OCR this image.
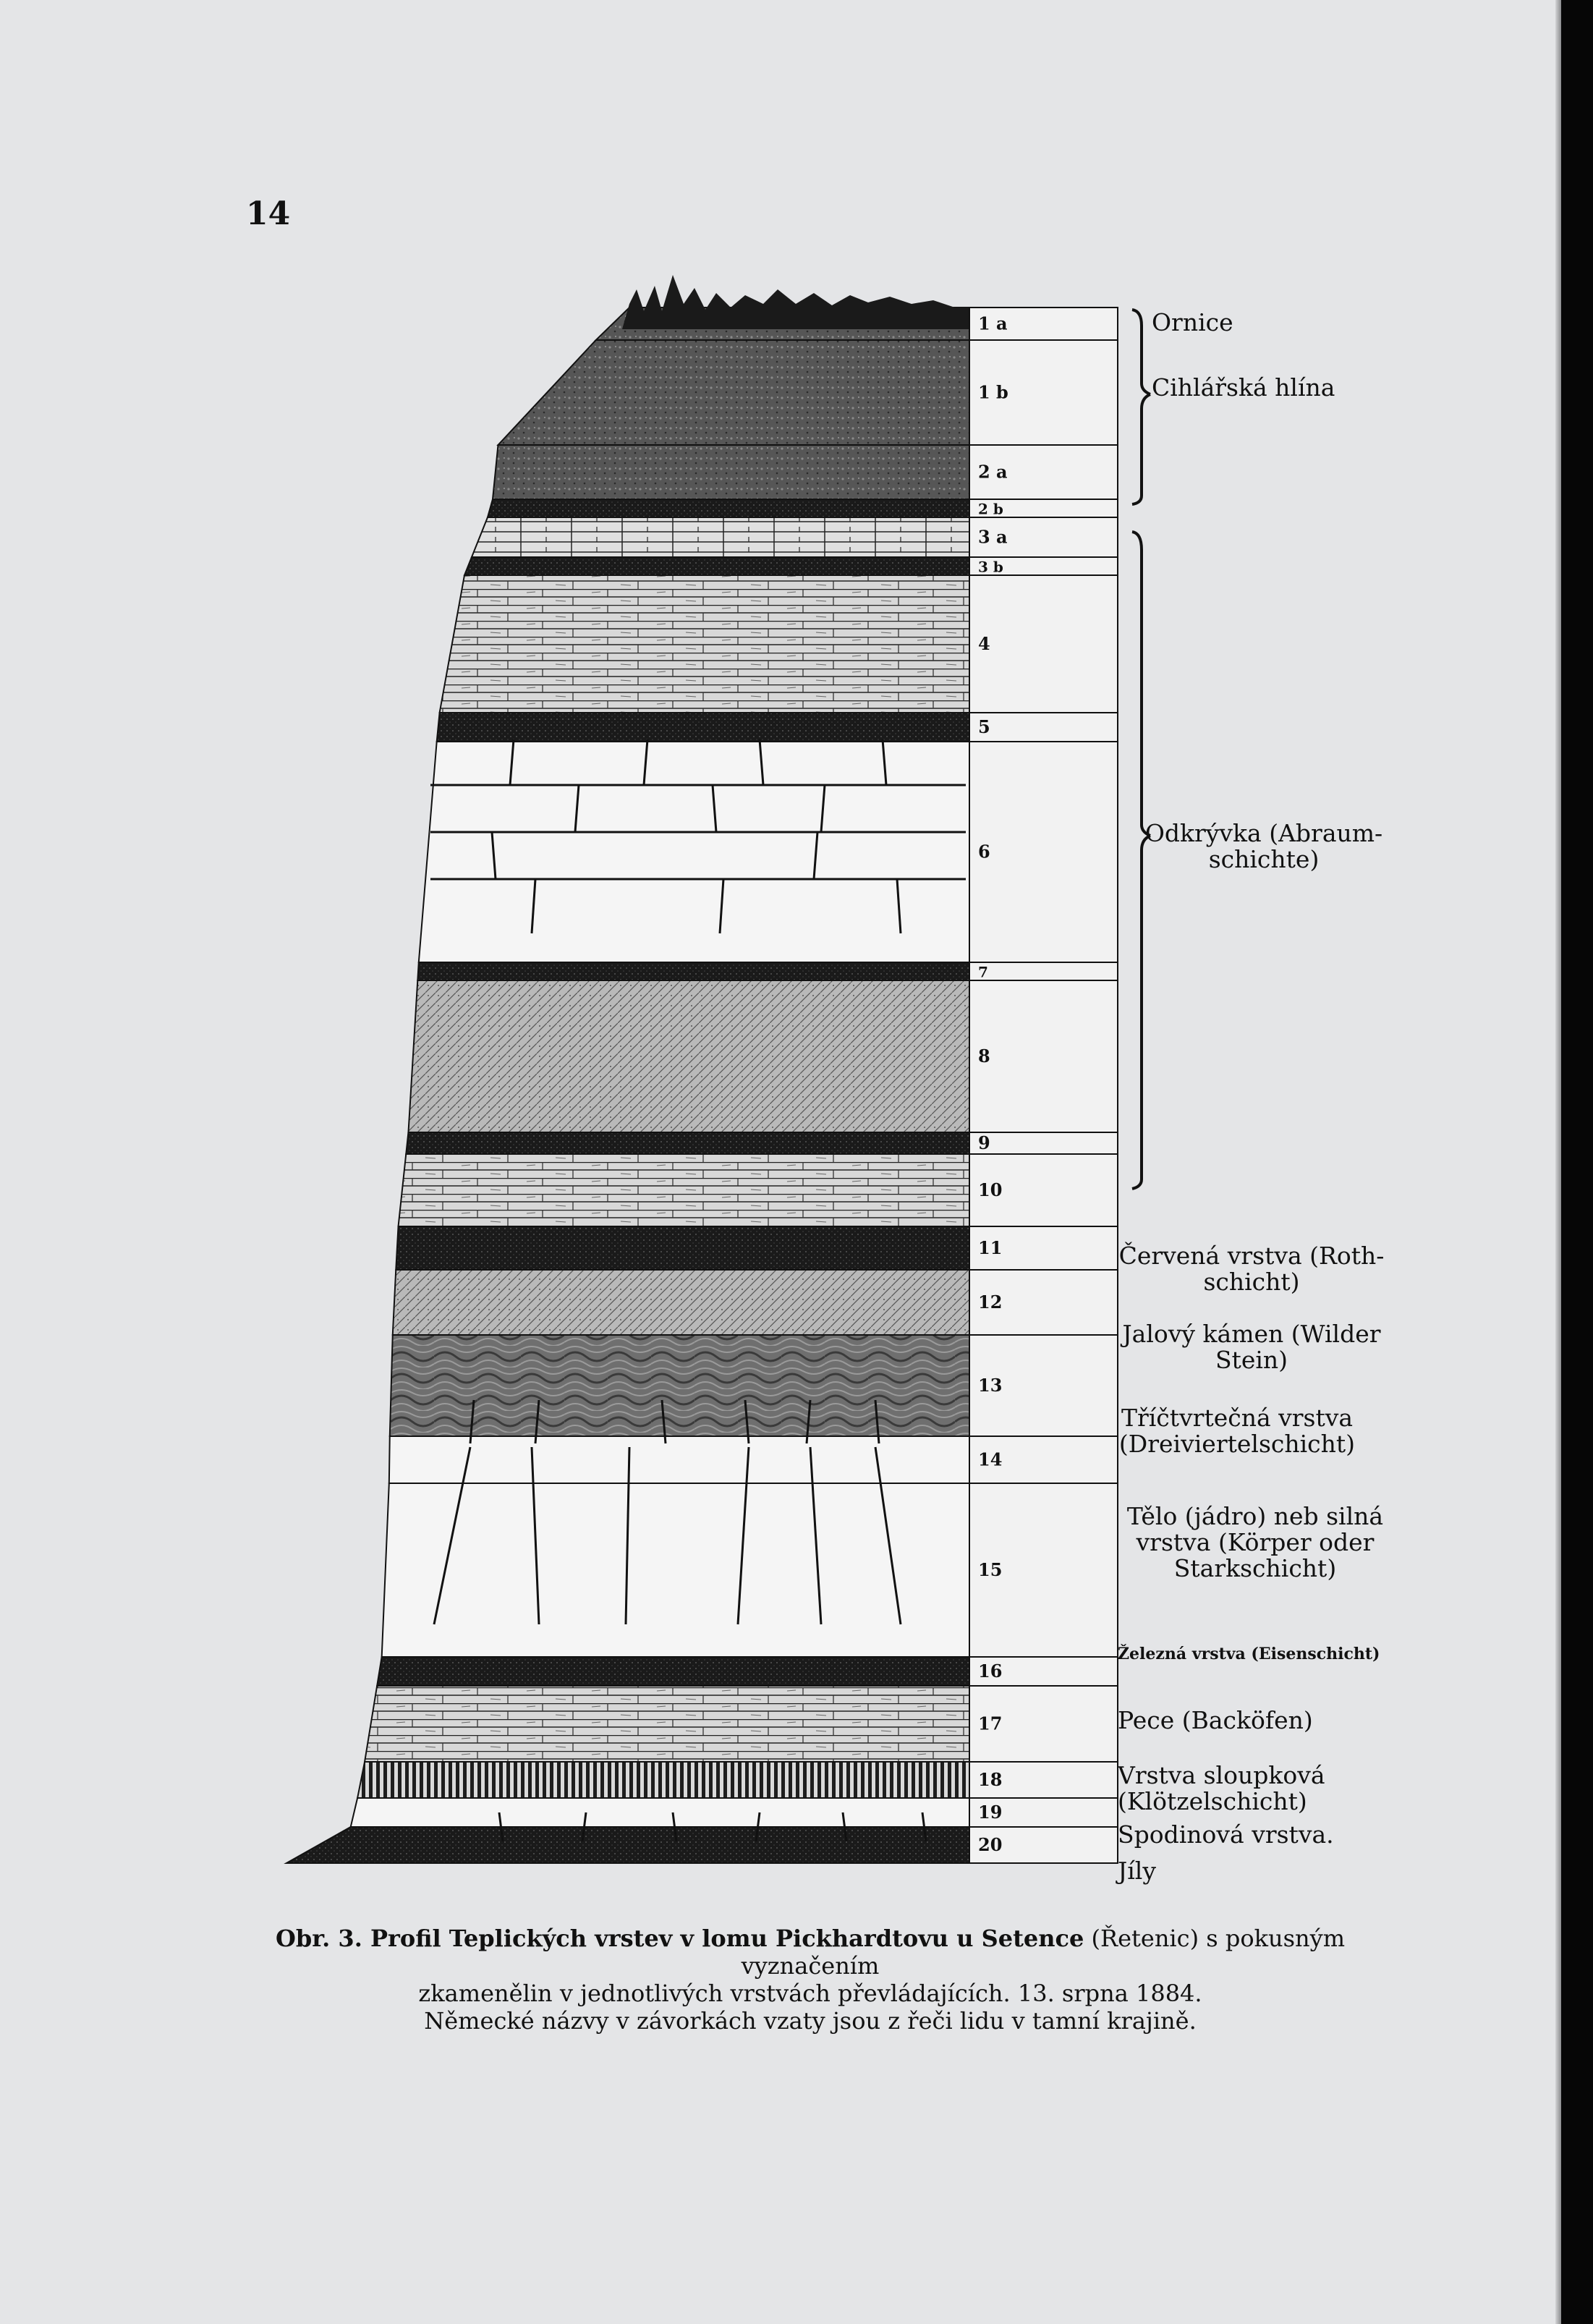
14
1 a
1 b
2 a
2 b
3 a
3 b
4
5
6
7
8
9
10
11
12
13
14
15
16
17
18
19
20
Ornice
Cihlářská hlína
Odkrývka (Abraum-
schichte)
Červená vrstva (Roth-
schicht)
Jalový kámen (Wilder
Stein)
Tříčtvrtečná vrstva
(Dreiviertelschicht)
Tělo (jádro) neb silná
vrstva (Körper oder
Starkschicht)
Železná vrstva (Eisenschicht)
Pece (Backöfen)
Vrstva sloupková
(Klötzelschicht)
Spodinová vrstva.
Jíly
Obr. 3. Profil Teplických vrstev v lomu Pickhardtovu u Setence (Řetenic) s pokusným vyznačením
zkamenělin v jednotlivých vrstvách převládajících. 13. srpna 1884.
Německé názvy v závorkách vzaty jsou z řeči lidu v tamní krajině.
